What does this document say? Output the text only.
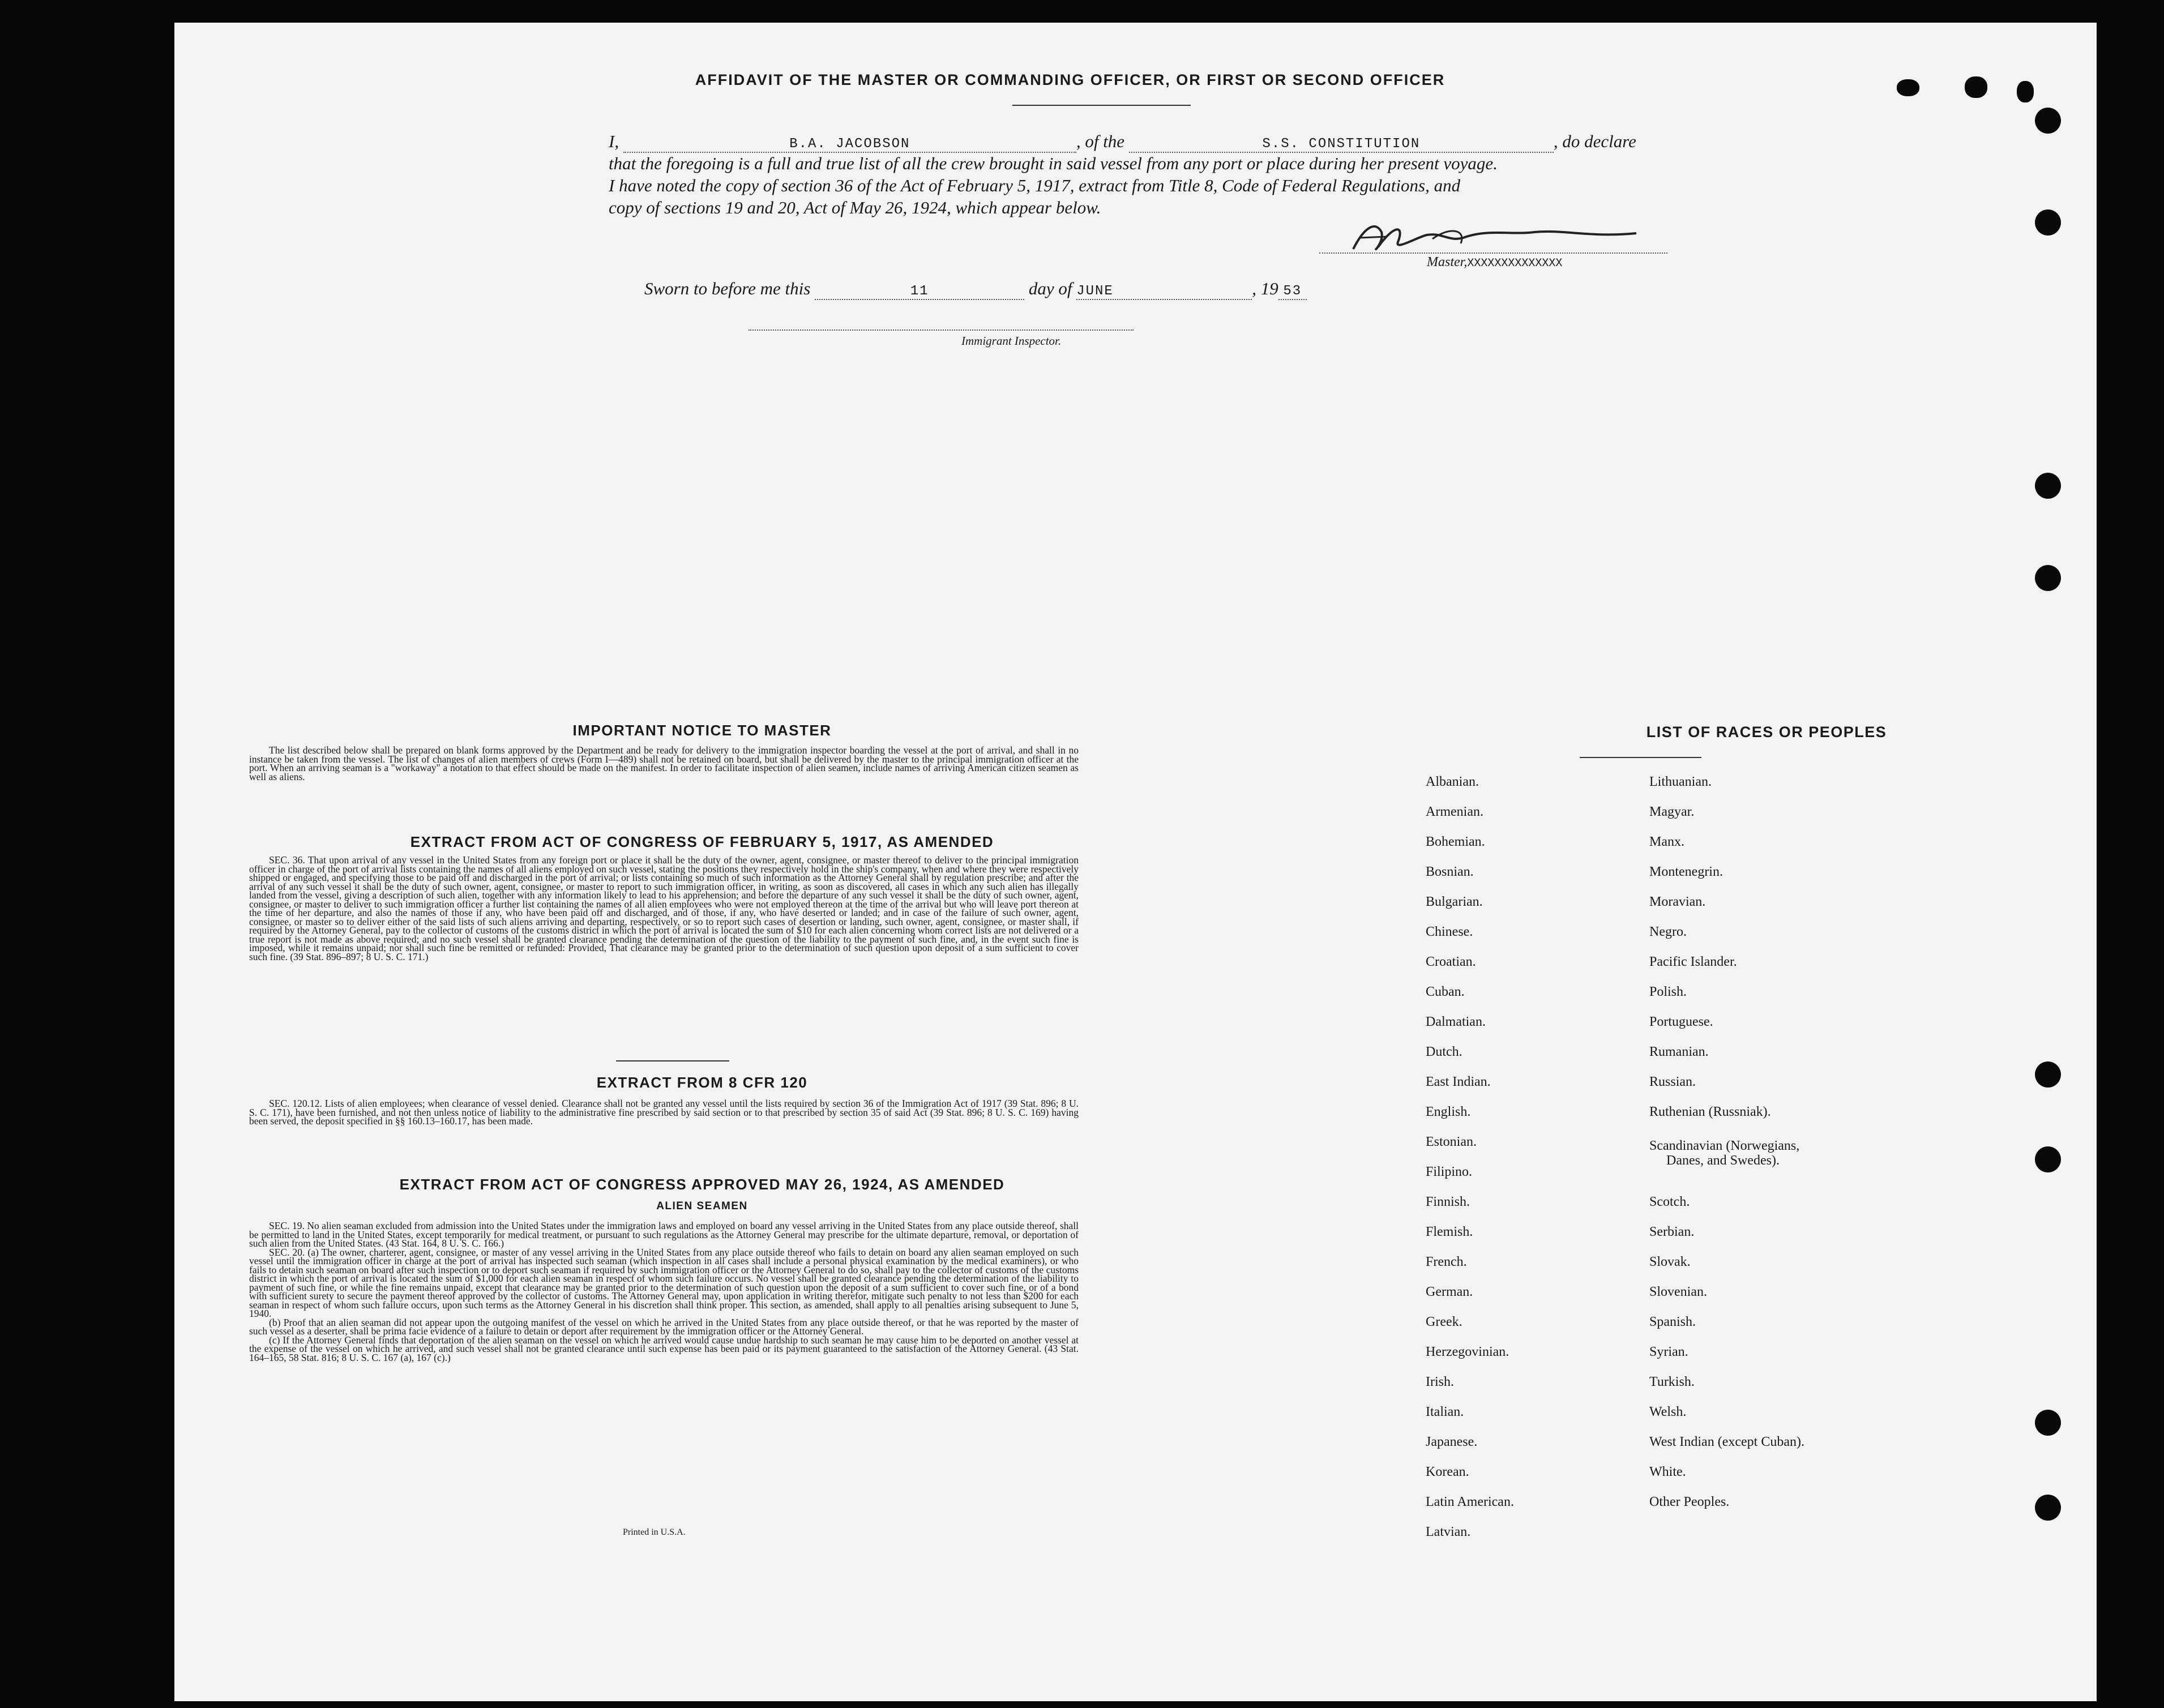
AFFIDAVIT OF THE MASTER OR COMMANDING OFFICER, OR FIRST OR SECOND OFFICER
I,	B.A. JACOBSON	, of the	S.S. CONSTITUTION	, do declare
that the foregoing is a full and true list of all the crew brought in said vessel from any port or place during her present voyage.
I have noted the copy of section 36 of the Act of February 5, 1917, extract from Title 8, Code of Federal Regulations, and
copy of sections 19 and 20, Act of May 26, 1924, which appear below.
Master,XXXXXXXXXXXXXX
Sworn to before me this	11	day of JUNE	, 19 53
Immigrant Inspector.
IMPORTANT NOTICE TO MASTER

The list described below shall be prepared on blank forms approved by the Department and be ready for delivery to the immigration inspector boarding the vessel at the port of arrival, and shall in no instance be taken from the vessel. The list of changes of alien members of crews (Form I—489) shall not be retained on board, but shall be delivered by the master to the principal immigration officer at the port. When an arriving seaman is a "workaway" a notation to that effect should be made on the manifest. In order to facilitate inspection of alien seamen, include names of arriving American citizen seamen as well as aliens.

EXTRACT FROM ACT OF CONGRESS OF FEBRUARY 5, 1917, AS AMENDED

SEC. 36. That upon arrival of any vessel in the United States from any foreign port or place it shall be the duty of the owner, agent, consignee, or master thereof to deliver to the principal immigration officer in charge of the port of arrival lists containing the names of all aliens employed on such vessel, stating the positions they respectively hold in the ship's company, when and where they were respectively shipped or engaged, and specifying those to be paid off and discharged in the port of arrival; or lists containing so much of such information as the Attorney General shall by regulation prescribe; and after the arrival of any such vessel it shall be the duty of such owner, agent, consignee, or master to report to such immigration officer, in writing, as soon as discovered, all cases in which any such alien has illegally landed from the vessel, giving a description of such alien, together with any information likely to lead to his apprehension; and before the departure of any such vessel it shall be the duty of such owner, agent, consignee, or master to deliver to such immigration officer a further list containing the names of all alien employees who were not employed thereon at the time of the arrival but who will leave port thereon at the time of her departure, and also the names of those if any, who have been paid off and discharged, and of those, if any, who have deserted or landed; and in case of the failure of such owner, agent, consignee, or master so to deliver either of the said lists of such aliens arriving and departing, respectively, or so to report such cases of desertion or landing, such owner, agent, consignee, or master shall, if required by the Attorney General, pay to the collector of customs of the customs district in which the port of arrival is located the sum of $10 for each alien concerning whom correct lists are not delivered or a true report is not made as above required; and no such vessel shall be granted clearance pending the determination of the question of the liability to the payment of such fine, and, in the event such fine is imposed, while it remains unpaid; nor shall such fine be remitted or refunded: Provided, That clearance may be granted prior to the determination of such question upon deposit of a sum sufficient to cover such fine. (39 Stat. 896–897; 8 U. S. C. 171.)

EXTRACT FROM 8 CFR 120

SEC. 120.12. Lists of alien employees; when clearance of vessel denied. Clearance shall not be granted any vessel until the lists required by section 36 of the Immigration Act of 1917 (39 Stat. 896; 8 U. S. C. 171), have been furnished, and not then unless notice of liability to the administrative fine prescribed by said section or to that prescribed by section 35 of said Act (39 Stat. 896; 8 U. S. C. 169) having been served, the deposit specified in §§ 160.13–160.17, has been made.

EXTRACT FROM ACT OF CONGRESS APPROVED MAY 26, 1924, AS AMENDED
ALIEN SEAMEN

SEC. 19. No alien seaman excluded from admission into the United States under the immigration laws and employed on board any vessel arriving in the United States from any place outside thereof, shall be permitted to land in the United States, except temporarily for medical treatment, or pursuant to such regulations as the Attorney General may prescribe for the ultimate departure, removal, or deportation of such alien from the United States. (43 Stat. 164, 8 U. S. C. 166.)

SEC. 20. (a) The owner, charterer, agent, consignee, or master of any vessel arriving in the United States from any place outside thereof who fails to detain on board any alien seaman employed on such vessel until the immigration officer in charge at the port of arrival has inspected such seaman (which inspection in all cases shall include a personal physical examination by the medical examiners), or who fails to detain such seaman on board after such inspection or to deport such seaman if required by such immigration officer or the Attorney General to do so, shall pay to the collector of customs of the customs district in which the port of arrival is located the sum of $1,000 for each alien seaman in respect of whom such failure occurs. No vessel shall be granted clearance pending the determination of the liability to payment of such fine, or while the fine remains unpaid, except that clearance may be granted prior to the determination of such question upon the deposit of a sum sufficient to cover such fine, or of a bond with sufficient surety to secure the payment thereof approved by the collector of customs. The Attorney General may, upon application in writing therefor, mitigate such penalty to not less than $200 for each seaman in respect of whom such failure occurs, upon such terms as the Attorney General in his discretion shall think proper. This section, as amended, shall apply to all penalties arising subsequent to June 5, 1940.

(b) Proof that an alien seaman did not appear upon the outgoing manifest of the vessel on which he arrived in the United States from any place outside thereof, or that he was reported by the master of such vessel as a deserter, shall be prima facie evidence of a failure to detain or deport after requirement by the immigration officer or the Attorney General.

(c) If the Attorney General finds that deportation of the alien seaman on the vessel on which he arrived would cause undue hardship to such seaman he may cause him to be deported on another vessel at the expense of the vessel on which he arrived, and such vessel shall not be granted clearance until such expense has been paid or its payment guaranteed to the satisfaction of the Attorney General. (43 Stat. 164–165, 58 Stat. 816; 8 U. S. C. 167 (a), 167 (c).)

Printed in U.S.A.
LIST OF RACES OR PEOPLES
Albanian.
Armenian.
Bohemian.
Bosnian.
Bulgarian.
Chinese.
Croatian.
Cuban.
Dalmatian.
Dutch.
East Indian.
English.
Estonian.
Filipino.
Finnish.
Flemish.
French.
German.
Greek.
Herzegovinian.
Irish.
Italian.
Japanese.
Korean.
Latin American.
Latvian.
Lithuanian.
Magyar.
Manx.
Montenegrin.
Moravian.
Negro.
Pacific Islander.
Polish.
Portuguese.
Rumanian.
Russian.
Ruthenian (Russniak).
Scandinavian (Norwegians,
Danes, and Swedes).
Scotch.
Serbian.
Slovak.
Slovenian.
Spanish.
Syrian.
Turkish.
Welsh.
West Indian (except Cuban).
White.
Other Peoples.
